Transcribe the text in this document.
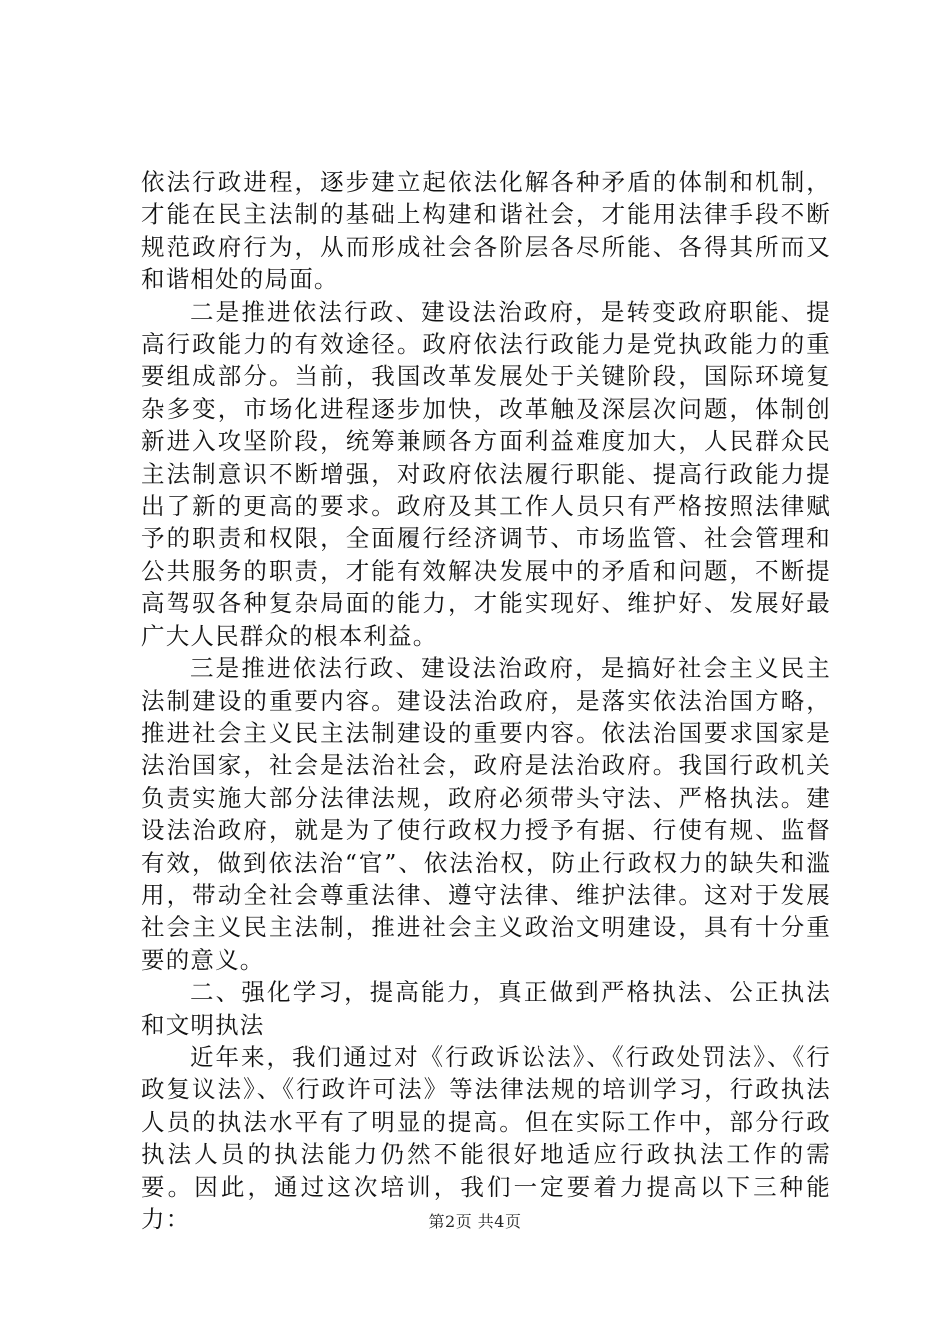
依法行政进程，逐步建立起依法化解各种矛盾的体制和机制，才能在民主法制的基础上构建和谐社会，才能用法律手段不断规范政府行为，从而形成社会各阶层各尽所能、各得其所而又和谐相处的局面。

二是推进依法行政、建设法治政府，是转变政府职能、提高行政能力的有效途径。政府依法行政能力是党执政能力的重要组成部分。当前，我国改革发展处于关键阶段，国际环境复杂多变，市场化进程逐步加快，改革触及深层次问题，体制创新进入攻坚阶段，统筹兼顾各方面利益难度加大，人民群众民主法制意识不断增强，对政府依法履行职能、提高行政能力提出了新的更高的要求。政府及其工作人员只有严格按照法律赋予的职责和权限，全面履行经济调节、市场监管、社会管理和公共服务的职责，才能有效解决发展中的矛盾和问题，不断提高驾驭各种复杂局面的能力，才能实现好、维护好、发展好最广大人民群众的根本利益。

三是推进依法行政、建设法治政府，是搞好社会主义民主法制建设的重要内容。建设法治政府，是落实依法治国方略，推进社会主义民主法制建设的重要内容。依法治国要求国家是法治国家，社会是法治社会，政府是法治政府。我国行政机关负责实施大部分法律法规，政府必须带头守法、严格执法。建设法治政府，就是为了使行政权力授予有据、行使有规、监督有效，做到依法治“官”、依法治权，防止行政权力的缺失和滥用，带动全社会尊重法律、遵守法律、维护法律。这对于发展社会主义民主法制，推进社会主义政治文明建设，具有十分重要的意义。

二、强化学习，提高能力，真正做到严格执法、公正执法和文明执法

近年来，我们通过对《行政诉讼法》、《行政处罚法》、《行政复议法》、《行政许可法》等法律法规的培训学习，行政执法人员的执法水平有了明显的提高。但在实际工作中，部分行政执法人员的执法能力仍然不能很好地适应行政执法工作的需要。因此，通过这次培训，我们一定要着力提高以下三种能力：	第2页 共4页
